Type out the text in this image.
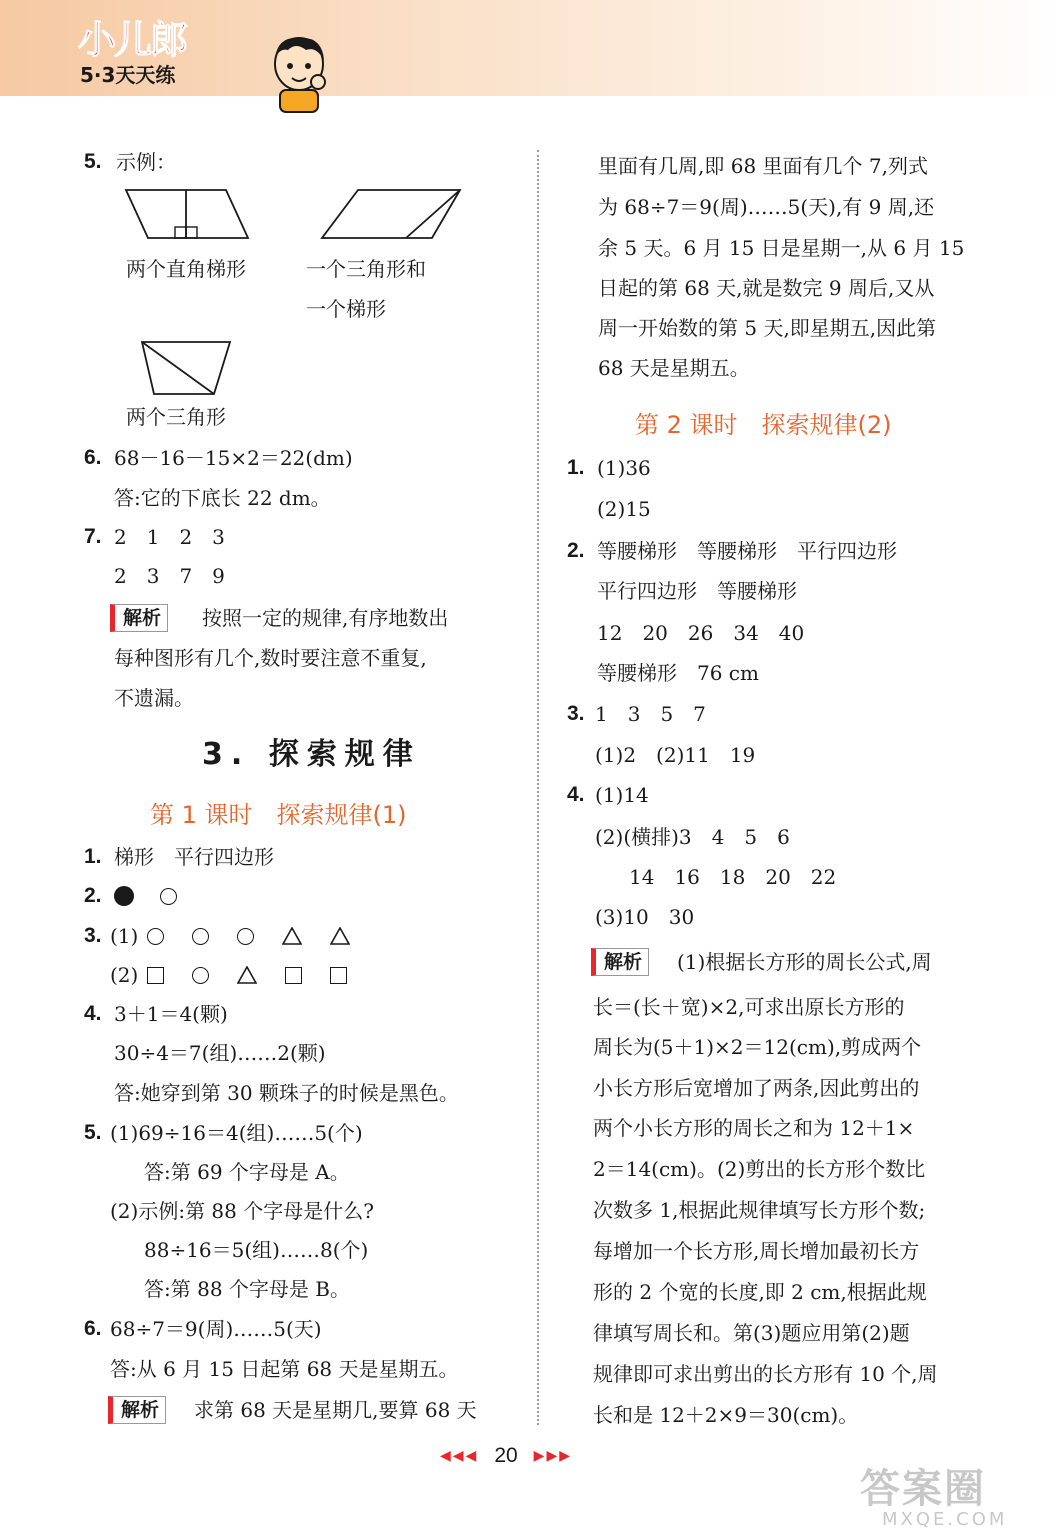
小儿郎
5·3天天练
5. 示例：
两个直角梯形	一个三角形和
一个梯形
两个三角形
6. 68－16－15×2＝22(dm)
答:它的下底长 22 dm。
7. 2　1　2　3
2　3　7　9
解析	按照一定的规律,有序地数出
每种图形有几个,数时要注意不重复,
不遗漏。
3. 探索规律
第 1 课时　探索规律(1)
1. 梯形　平行四边形
2.
3. (1)
(2)
4. 3＋1＝4(颗)
30÷4＝7(组)……2(颗)
答:她穿到第 30 颗珠子的时候是黑色。
5. (1)69÷16＝4(组)……5(个)
答:第 69 个字母是 A。
(2)示例:第 88 个字母是什么?
88÷16＝5(组)……8(个)
答:第 88 个字母是 B。
6. 68÷7＝9(周)……5(天)
答:从 6 月 15 日起第 68 天是星期五。
解析	求第 68 天是星期几,要算 68 天
里面有几周,即 68 里面有几个 7,列式
为 68÷7＝9(周)……5(天),有 9 周,还
余 5 天。6 月 15 日是星期一,从 6 月 15
日起的第 68 天,就是数完 9 周后,又从
周一开始数的第 5 天,即星期五,因此第
68 天是星期五。
第 2 课时　探索规律(2)
1. (1)36
(2)15
2. 等腰梯形　等腰梯形　平行四边形
平行四边形　等腰梯形
12　20　26　34　40
等腰梯形　76 cm
3. 1　3　5　7
(1)2　(2)11　19
4. (1)14
(2)(横排)3　4　5　6
14　16　18　20　22
(3)10　30
解析	(1)根据长方形的周长公式,周
长＝(长＋宽)×2,可求出原长方形的
周长为(5＋1)×2＝12(cm),剪成两个
小长方形后宽增加了两条,因此剪出的
两个小长方形的周长之和为 12＋1×
2＝14(cm)。(2)剪出的长方形个数比
次数多 1,根据此规律填写长方形个数;
每增加一个长方形,周长增加最初长方
形的 2 个宽的长度,即 2 cm,根据此规
律填写周长和。第(3)题应用第(2)题
规律即可求出剪出的长方形有 10 个,周
长和是 12＋2×9＝30(cm)。
◀◀◀ 20 ▶▶▶
答案圈
MXQE.COM
